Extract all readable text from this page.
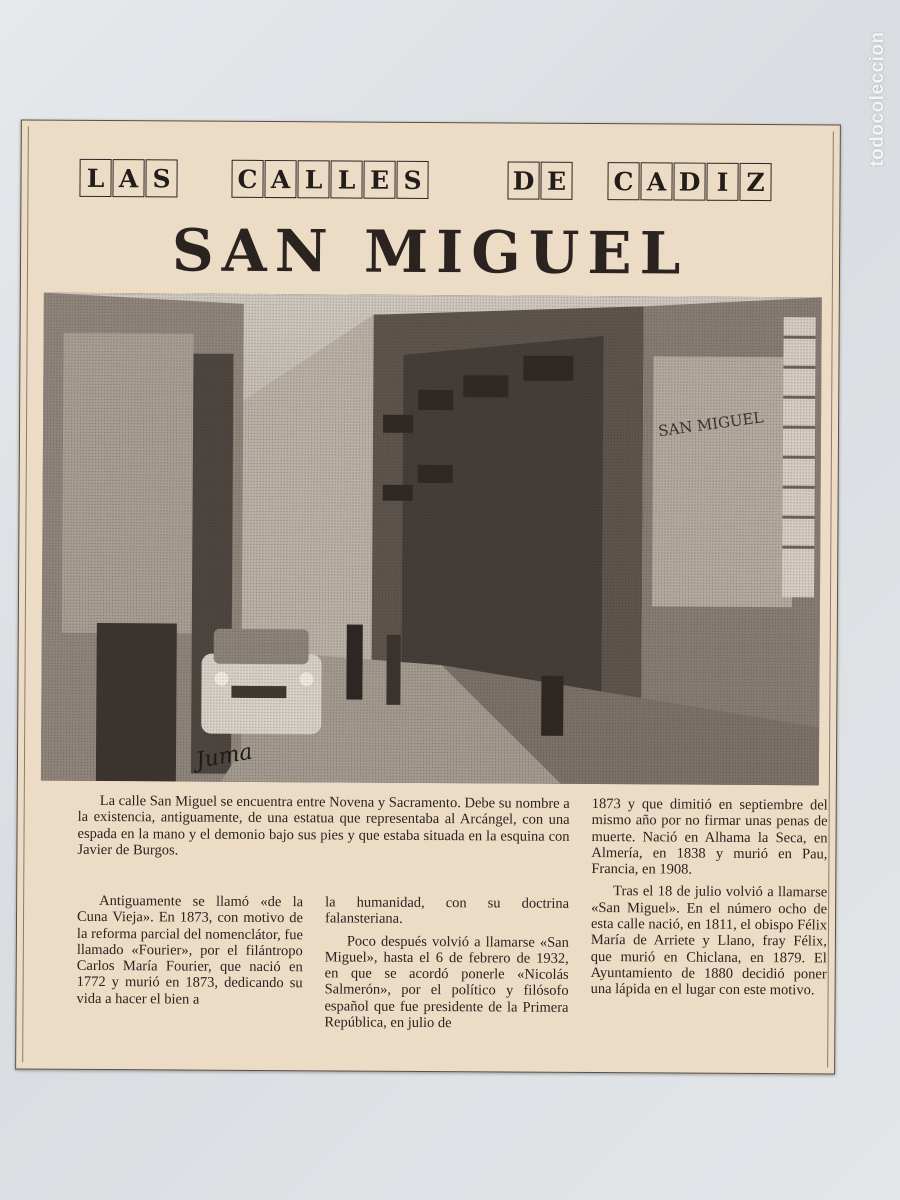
todocoleccion
L A S	C A L L E S	D E C A D I Z
SAN MIGUEL
Juma

La calle San Miguel se encuentra entre Novena y Sacramento. Debe su nombre a la existencia, antiguamente, de una estatua que representaba al Arcángel, con una espada en la mano y el demonio bajo sus pies y que estaba situada en la esquina con Javier de Burgos.

Antiguamente se llamó «de la Cuna Vieja». En 1873, con motivo de la reforma parcial del nomenclátor, fue llamado «Fourier», por el filántropo Carlos María Fourier, que nació en 1772 y murió en 1873, dedicando su vida a hacer el bien a

la humanidad, con su doctrina falansteriana.

Poco después volvió a llamarse «San Miguel», hasta el 6 de febrero de 1932, en que se acordó ponerle «Nicolás Salmerón», por el político y filósofo español que fue presidente de la Primera República, en julio de

1873 y que dimitió en septiembre del mismo año por no firmar unas penas de muerte. Nació en Alhama la Seca, en Almería, en 1838 y murió en Pau, Francia, en 1908.

Tras el 18 de julio volvió a llamarse «San Miguel». En el número ocho de esta calle nació, en 1811, el obispo Félix María de Arriete y Llano, fray Félix, que murió en Chiclana, en 1879. El Ayuntamiento de 1880 decidió poner una lápida en el lugar con este motivo.
